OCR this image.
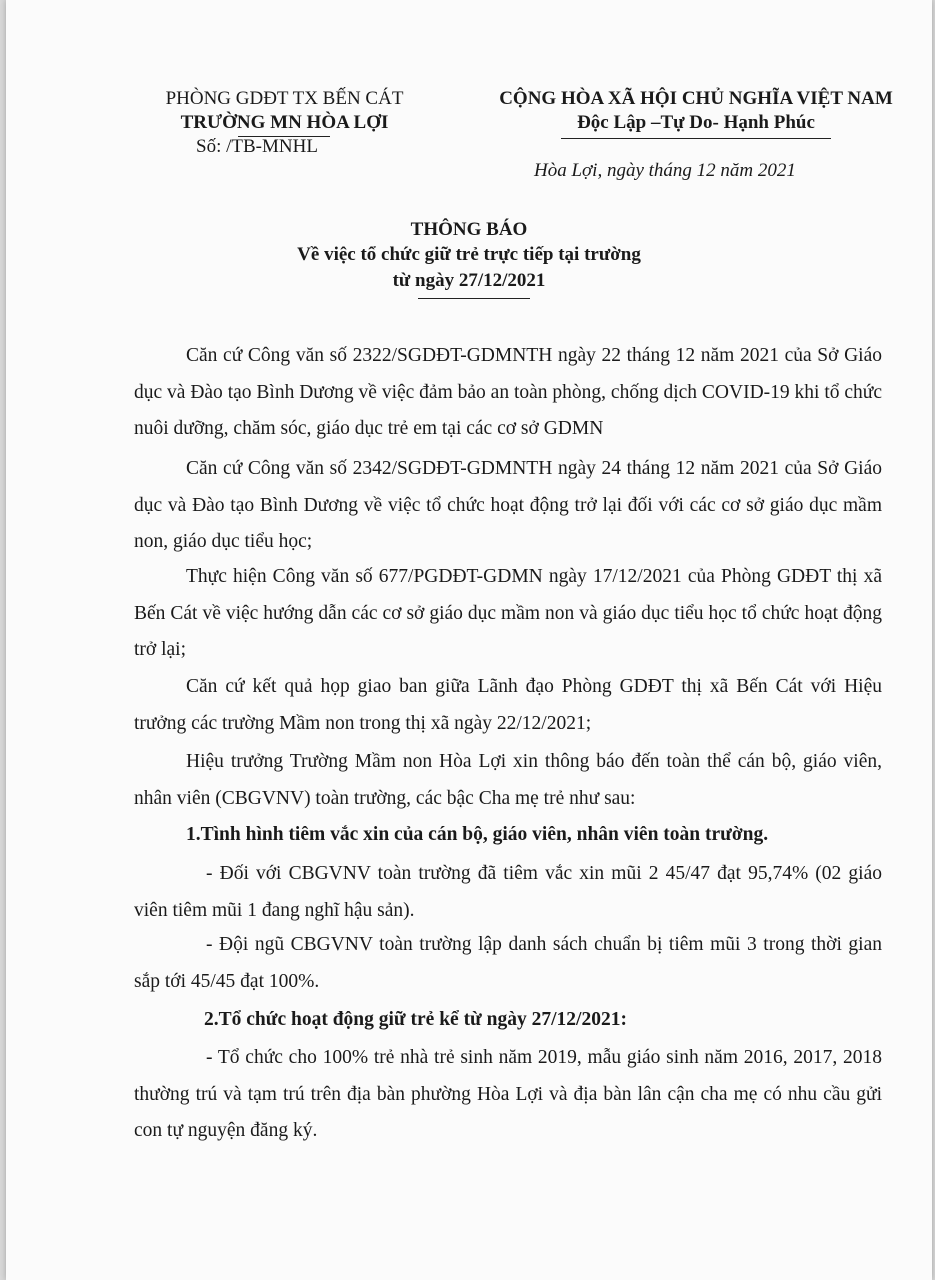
PHÒNG GDĐT TX BẾN CÁT
TRƯỜNG MN HÒA LỢI
Số: /TB-MNHL
CỘNG HÒA XÃ HỘI CHỦ NGHĨA VIỆT NAM
Độc Lập –Tự Do- Hạnh Phúc
Hòa Lợi, ngày tháng 12 năm 2021
THÔNG BÁO
Về việc tổ chức giữ trẻ trực tiếp tại trường
từ ngày 27/12/2021
Căn cứ Công văn số 2322/SGDĐT-GDMNTH ngày 22 tháng 12 năm 2021 của Sở Giáo dục và Đào tạo Bình Dương về việc đảm bảo an toàn phòng, chống dịch COVID-19 khi tổ chức nuôi dưỡng, chăm sóc, giáo dục trẻ em tại các cơ sở GDMN
Căn cứ Công văn số 2342/SGDĐT-GDMNTH ngày 24 tháng 12 năm 2021 của Sở Giáo dục và Đào tạo Bình Dương về việc tổ chức hoạt động trở lại đối với các cơ sở giáo dục mầm non, giáo dục tiểu học;
Thực hiện Công văn số 677/PGDĐT-GDMN ngày 17/12/2021 của Phòng GDĐT thị xã Bến Cát về việc hướng dẫn các cơ sở giáo dục mầm non và giáo dục tiểu học tổ chức hoạt động trở lại;
Căn cứ kết quả họp giao ban giữa Lãnh đạo Phòng GDĐT thị xã Bến Cát với Hiệu trưởng các trường Mầm non trong thị xã ngày 22/12/2021;
Hiệu trưởng Trường Mầm non Hòa Lợi xin thông báo đến toàn thể cán bộ, giáo viên, nhân viên (CBGVNV) toàn trường, các bậc Cha mẹ trẻ như sau:
1.Tình hình tiêm vắc xin của cán bộ, giáo viên, nhân viên toàn trường.
- Đối với CBGVNV toàn trường đã tiêm vắc xin mũi 2 45/47 đạt 95,74% (02 giáo viên tiêm mũi 1 đang nghĩ hậu sản).
- Đội ngũ CBGVNV toàn trường lập danh sách chuẩn bị tiêm mũi 3 trong thời gian sắp tới 45/45 đạt 100%.
2.Tổ chức hoạt động giữ trẻ kể từ ngày 27/12/2021:
- Tổ chức cho 100% trẻ nhà trẻ sinh năm 2019, mẫu giáo sinh năm 2016, 2017, 2018 thường trú và tạm trú trên địa bàn phường Hòa Lợi và địa bàn lân cận cha mẹ có nhu cầu gửi con tự nguyện đăng ký.
